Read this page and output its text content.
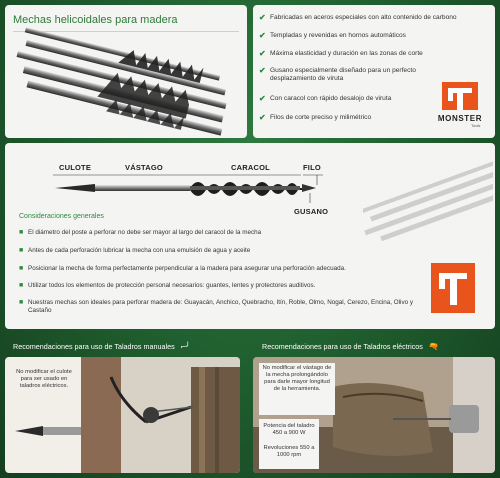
Mechas helicoidales para madera	✔ Fabricadas en aceros especiales con alto contenido de carbono
✔ Templadas y revenidas en hornos automáticos
✔ Máxima elasticidad y duración en las zonas de corte
✔ Gusano especialmente diseñado para un perfecto desplazamiento de viruta
✔ Con caracol con rápido desalojo de viruta
✔ Filos de corte preciso y milimétrico	MONSTER
Tools
CULOTE	VÁSTAGO	CARACOL	FILO
GUSANO
Consideraciones generales
■ El diámetro del poste a perforar no debe ser mayor al largo del caracol de la mecha
■ Antes de cada perforación lubricar la mecha con una emulsión de agua y aceite
■ Posicionar la mecha de forma perfectamente perpendicular a la madera para asegurar una perforación adecuada.
■ Utilizar todos los elementos de protección personal necesarios: guantes, lentes y protectores auditivos.
■ Nuestras mechas son ideales para perforar madera de: Guayacán, Anchico, Quebracho, Itín, Roble, Olmo, Nogal, Cerezo, Encina, Olivo y Castaño
Recomendaciones para uso de Taladros manuales ⌐╯	Recomendaciones para uso de Taladros eléctricos 🔫
No modificar el culote para ser usado en taladros eléctricos.
No modificar el vástago de la mecha prolongándolo para darle mayor longitud de la herramienta.
Potencia del taladro 450 a 900 W
Revoluciones 550 a 1000 rpm
